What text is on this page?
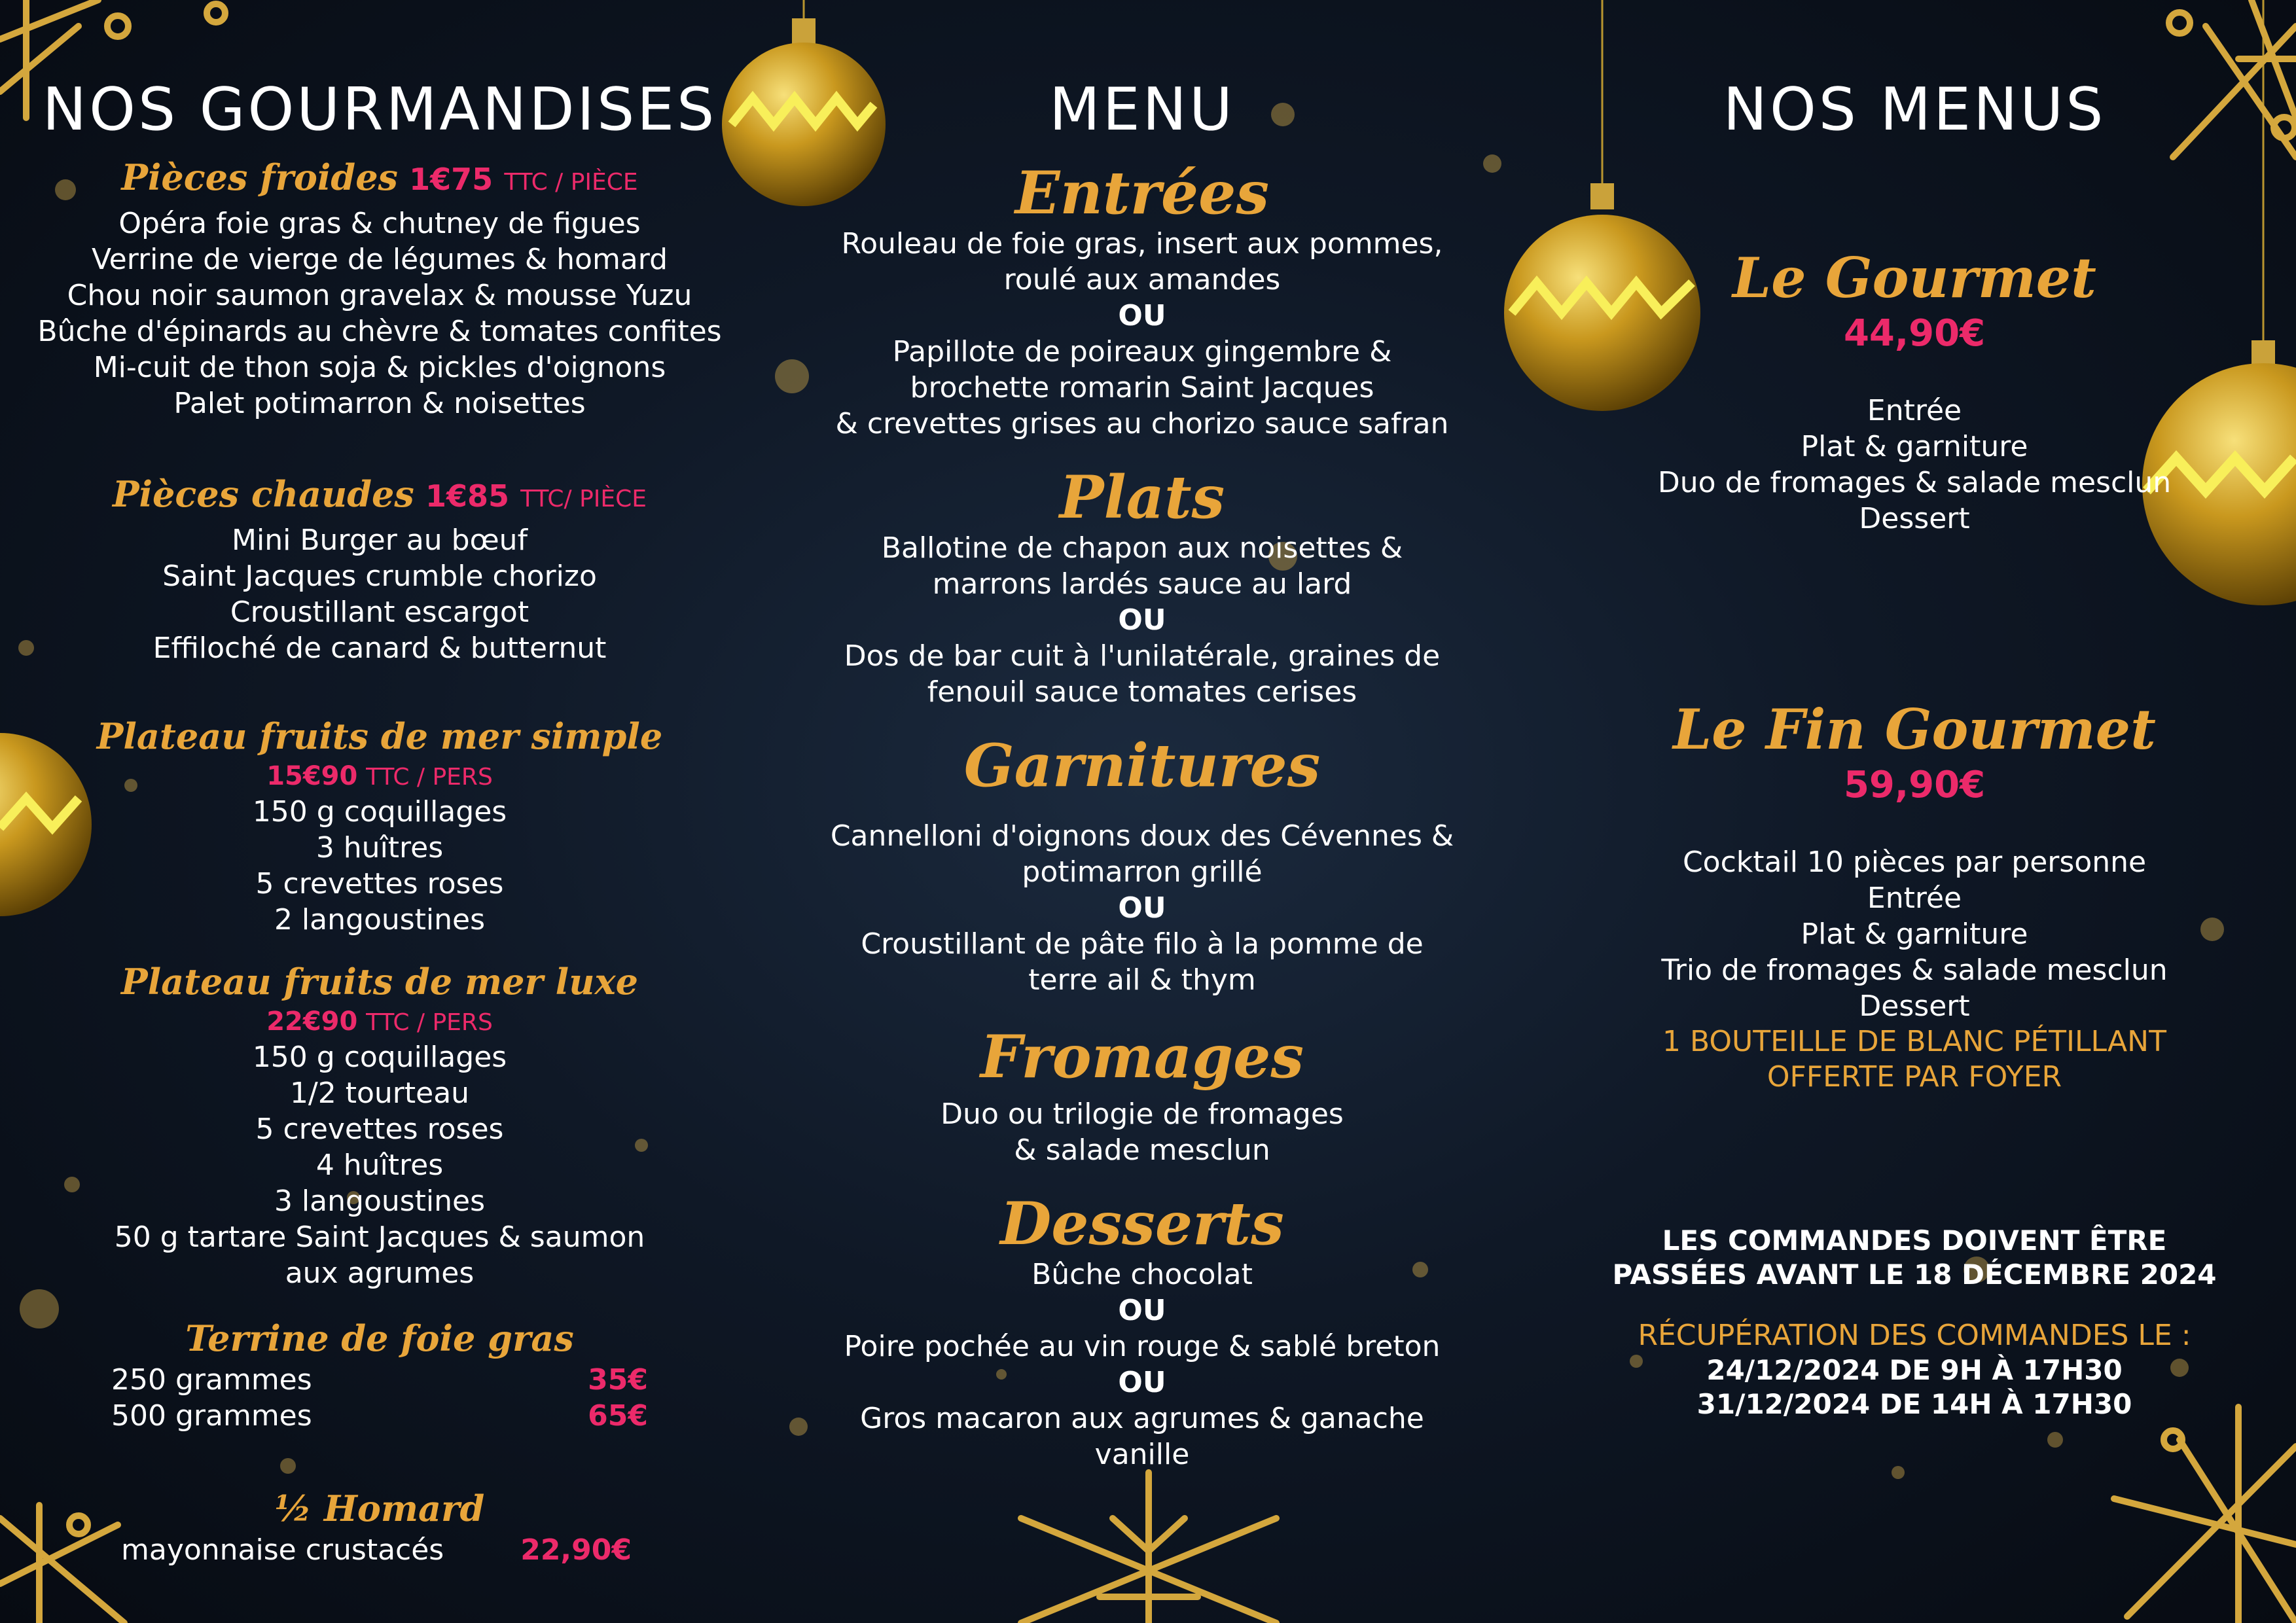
NOS GOURMANDISES

Pièces froides 1€75 TTC / PIÈCE

Opéra foie gras & chutney de figues

Verrine de vierge de légumes & homard

Chou noir saumon gravelax & mousse Yuzu

Bûche d'épinards au chèvre & tomates confites

Mi-cuit de thon soja & pickles d'oignons

Palet potimarron & noisettes

Pièces chaudes 1€85 TTC/ PIÈCE

Mini Burger au bœuf

Saint Jacques crumble chorizo

Croustillant escargot

Effiloché de canard & butternut

Plateau fruits de mer simple

15€90 TTC / PERS

150 g coquillages

3 huîtres

5 crevettes roses

2 langoustines

Plateau fruits de mer luxe

22€90 TTC / PERS

150 g coquillages

1/2 tourteau

5 crevettes roses

4 huîtres

3 langoustines

50 g tartare Saint Jacques & saumon

aux agrumes

Terrine de foie gras

250 grammes	35€
500 grammes	65€

½ Homard

mayonnaise crustacés	22,90€
MENU

Entrées

Rouleau de foie gras, insert aux pommes,

roulé aux amandes

OU

Papillote de poireaux gingembre &

brochette romarin Saint Jacques

& crevettes grises au chorizo sauce safran

Plats

Ballotine de chapon aux noisettes &

marrons lardés sauce au lard

OU

Dos de bar cuit à l'unilatérale, graines de

fenouil sauce tomates cerises

Garnitures

Cannelloni d'oignons doux des Cévennes &

potimarron grillé

OU

Croustillant de pâte filo à la pomme de

terre ail & thym

Fromages

Duo ou trilogie de fromages

& salade mesclun

Desserts

Bûche chocolat

OU

Poire pochée au vin rouge & sablé breton

OU

Gros macaron aux agrumes & ganache

vanille

NOS MENUS

Le Gourmet

44,90€

Entrée

Plat & garniture

Duo de fromages & salade mesclun

Dessert

Le Fin Gourmet

59,90€

Cocktail 10 pièces par personne

Entrée

Plat & garniture

Trio de fromages & salade mesclun

Dessert

1 BOUTEILLE DE BLANC PÉTILLANT

OFFERTE PAR FOYER

LES COMMANDES DOIVENT ÊTRE

PASSÉES AVANT LE 18 DÉCEMBRE 2024

RÉCUPÉRATION DES COMMANDES LE :

24/12/2024 DE 9H À 17H30

31/12/2024 DE 14H À 17H30
